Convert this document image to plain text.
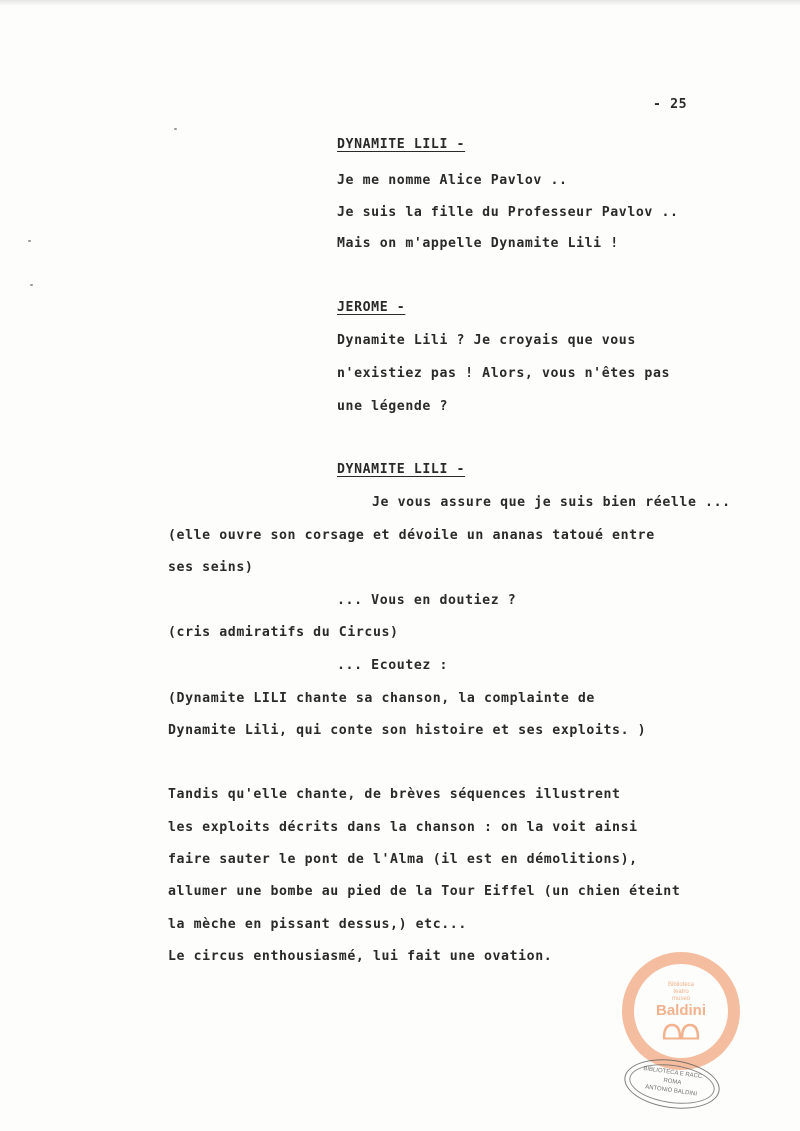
- 25
DYNAMITE LILI -
Je me nomme Alice Pavlov ..
Je suis la fille du Professeur Pavlov ..
Mais on m'appelle Dynamite Lili !
JEROME -
Dynamite Lili ? Je croyais que vous
n'existiez pas ! Alors, vous n'êtes pas
une légende ?
DYNAMITE LILI -
Je vous assure que je suis bien réelle ...
(elle ouvre son corsage et dévoile un ananas tatoué entre
ses seins)
... Vous en doutiez ?
(cris admiratifs du Circus)
... Ecoutez :
(Dynamite LILI chante sa chanson, la complainte de
Dynamite Lili, qui conte son histoire et ses exploits. )
Tandis qu'elle chante, de brèves séquences illustrent
les exploits décrits dans la chanson : on la voit ainsi
faire sauter le pont de l'Alma (il est en démolitions),
allumer une bombe au pied de la Tour Eiffel (un chien éteint
la mèche en pissant dessus,) etc...
Le circus enthousiasmé, lui fait une ovation.
Biblioteca
teatro
museo
Baldini
BIBLIOTECA E RACC.
ROMA
ANTONIO BALDINI
